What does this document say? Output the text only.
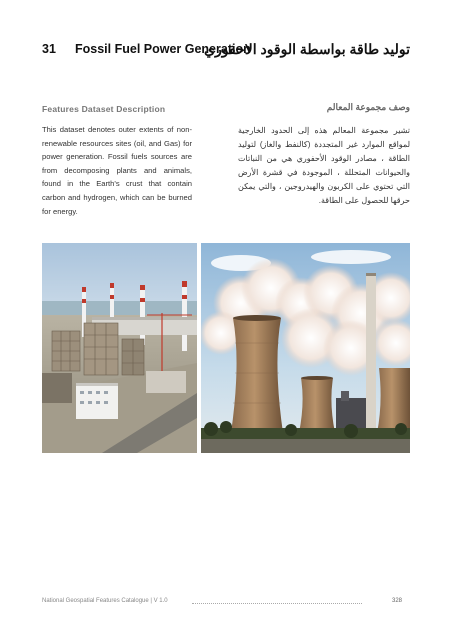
31 Fossil Fuel Power Generation
توليد طاقة بواسطة الوقود الاحفوري
Features Dataset Description	وصف مجموعة المعالم
This dataset denotes outer extents of non-renewable resources sites (oil, and Gas) for power generation. Fossil fuels sources are from decomposing plants and animals, found in the Earth's crust that contain carbon and hydrogen, which can be burned for energy.
تشير مجموعة المعالم هذه إلى الحدود الخارجية لمواقع الموارد غير المتجددة (كالنفط والغاز) لتوليد الطاقة ، مصادر الوقود الأحفوري هي من النباتات والحيوانات المتحللة ، الموجودة في قشرة الأرض التي تحتوي على الكربون والهيدروجين ، والتي يمكن حرقها للحصول على الطاقة.
National Geospatial Features Catalogue | V 1.0	328
